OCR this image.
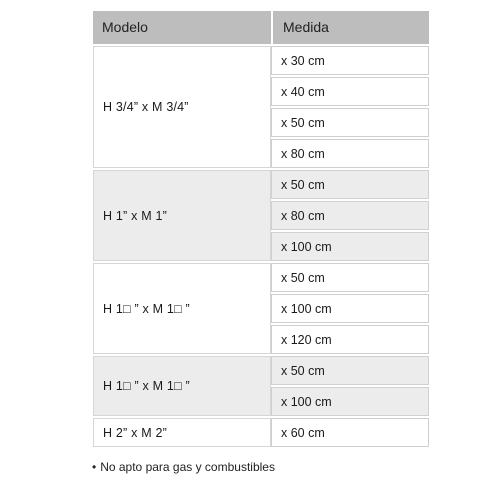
Modelo	Medida
H 3/4” x M 3/4”
x 30 cm
x 40 cm
x 50 cm
x 80 cm
H 1” x M 1”
x 50 cm
x 80 cm
x 100 cm
H 1□ ” x M 1□ ”
x 50 cm
x 100 cm
x 120 cm
H 1□ ” x M 1□ ”
x 50 cm
x 100 cm
H 2” x M 2”	x 60 cm
• No apto para gas y combustibles
